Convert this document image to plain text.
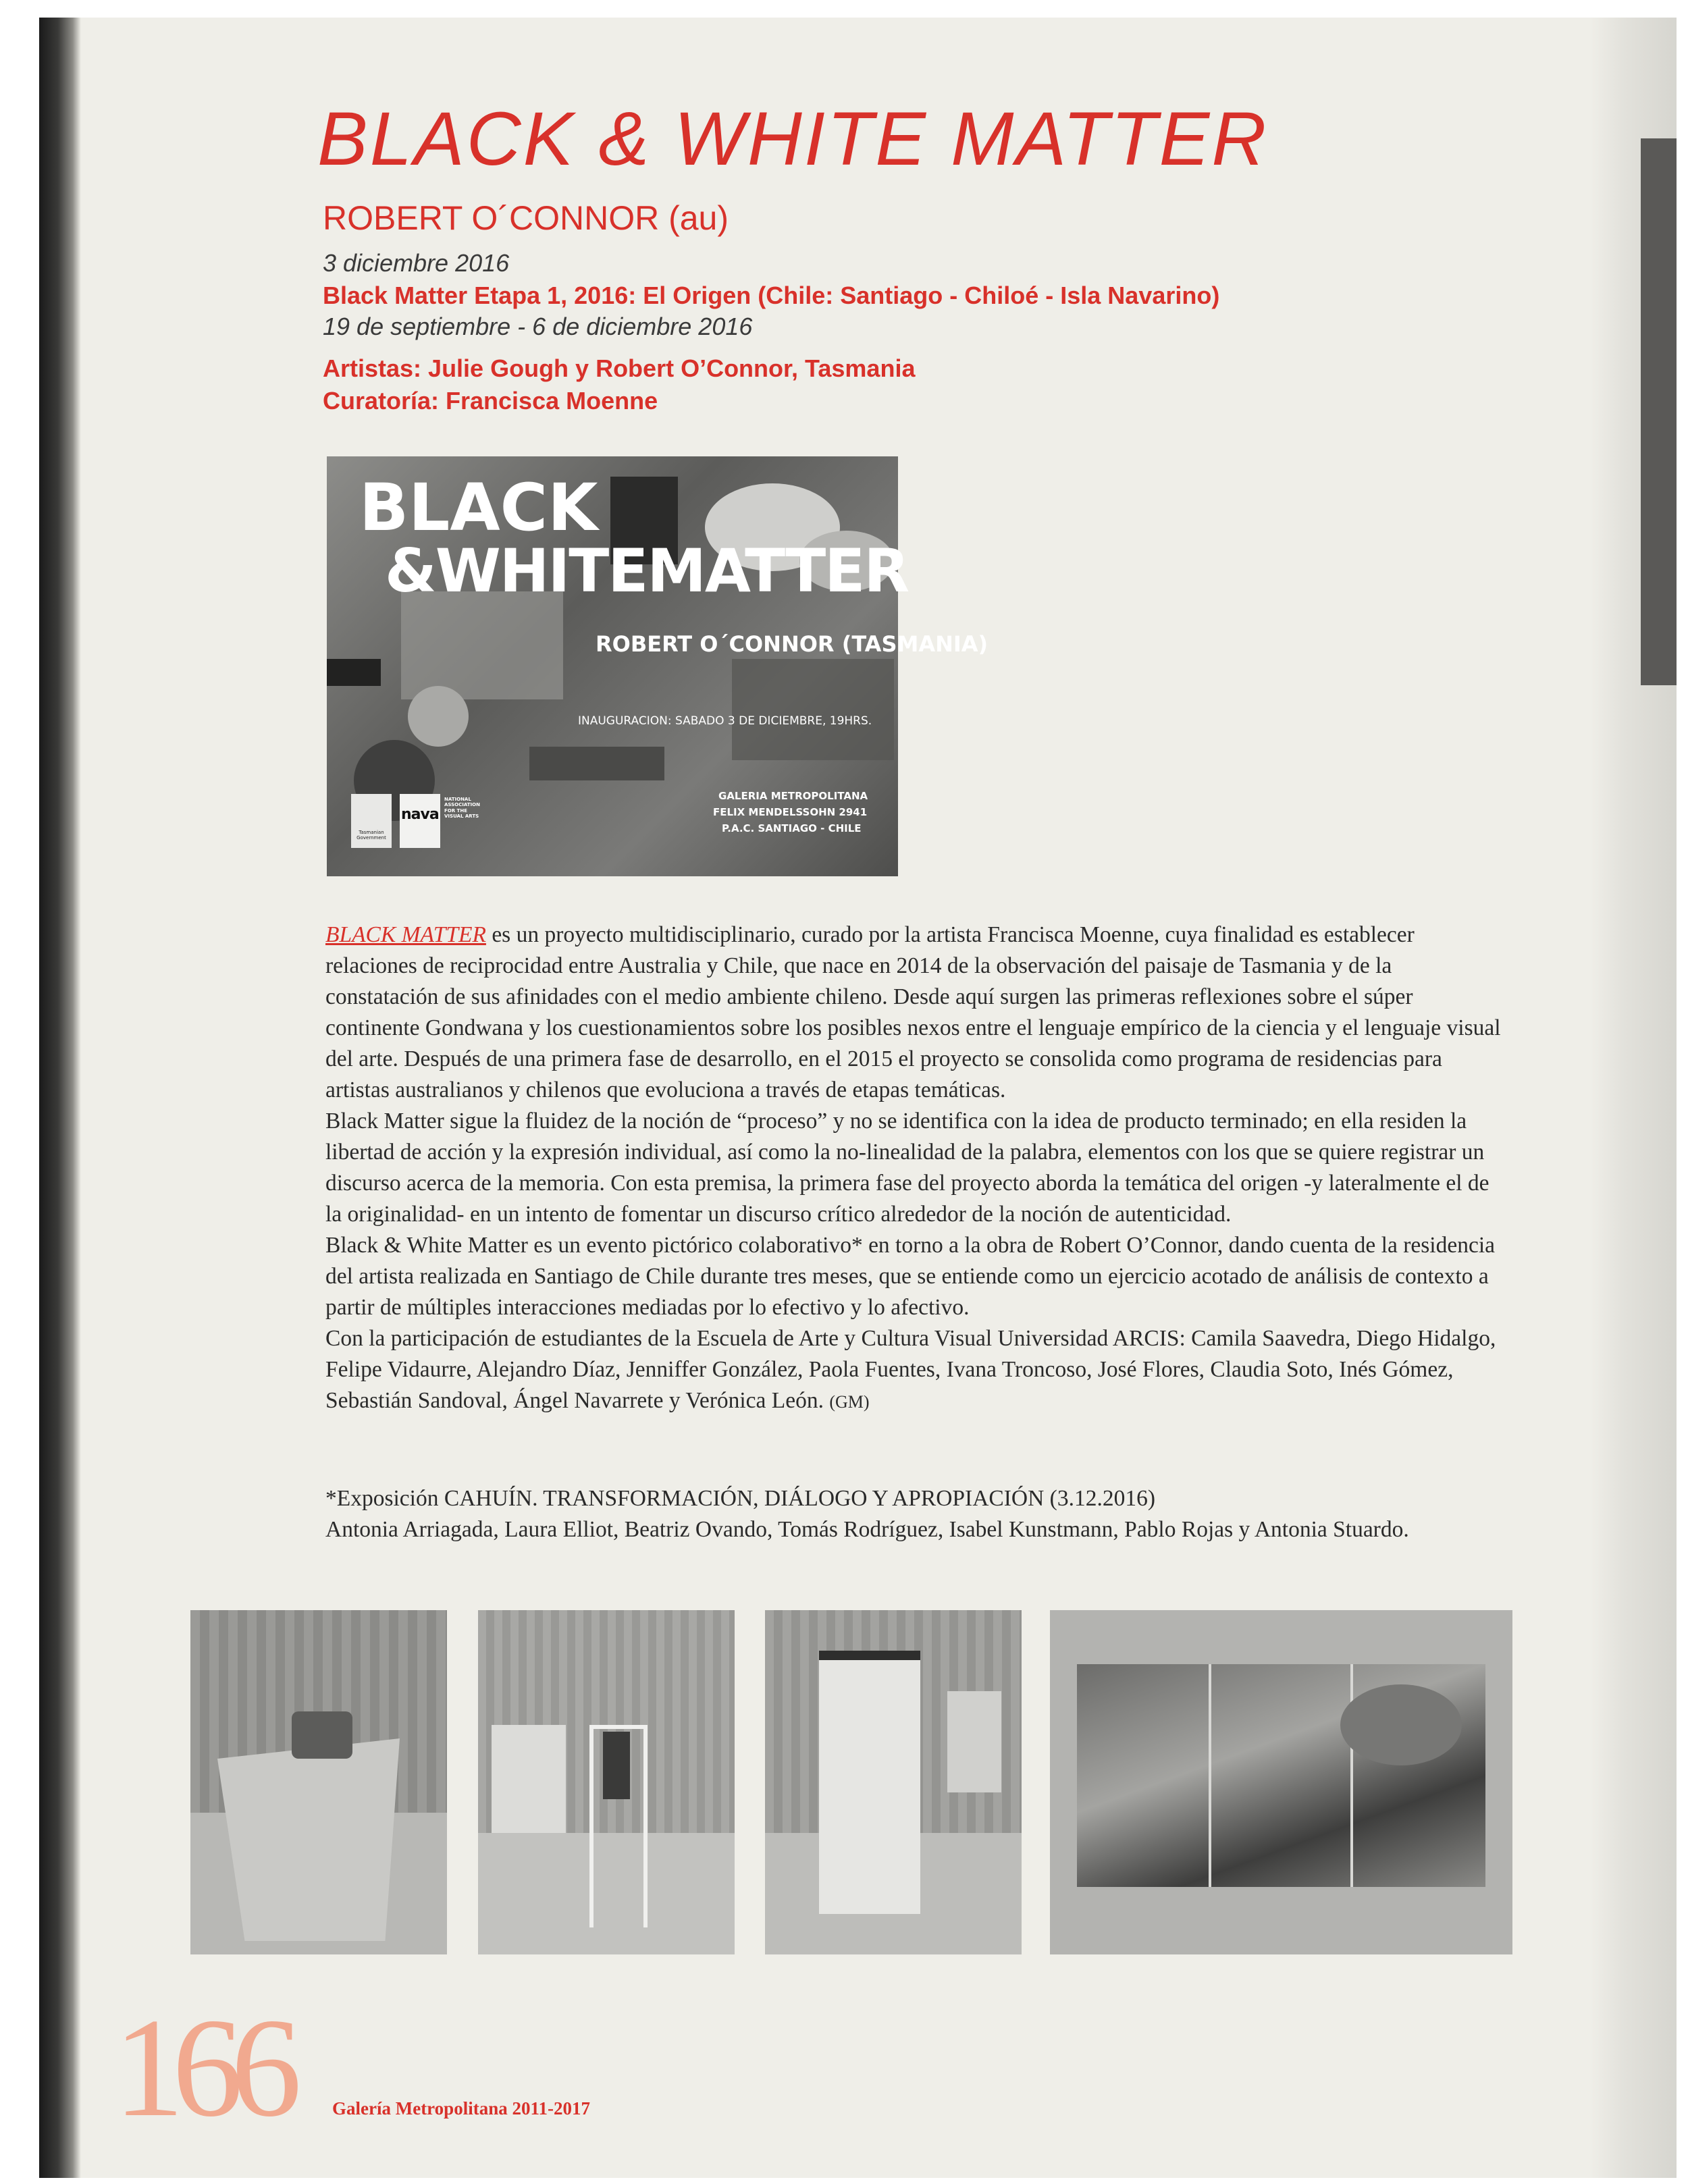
BLACK & WHITE MATTER
ROBERT O´CONNOR (au)
3 diciembre 2016
Black Matter Etapa 1, 2016: El Origen (Chile: Santiago - Chiloé - Isla Navarino)
19 de septiembre - 6 de diciembre 2016
Artistas: Julie Gough y Robert O’Connor, Tasmania
Curatoría: Francisca Moenne
BLACK
&WHITEMATTER
ROBERT O´CONNOR (TASMANIA)
INAUGURACION: SABADO 3 DE DICIEMBRE, 19HRS.
GALERIA METROPOLITANA
FELIX MENDELSSOHN 2941
P.A.C. SANTIAGO - CHILE
Tasmanian Government
nava
NATIONAL ASSOCIATION FOR THE VISUAL ARTS

BLACK MATTER es un proyecto multidisciplinario, curado por la artista Francisca Moenne, cuya finalidad es establecer relaciones de reciprocidad entre Australia y Chile, que nace en 2014 de la observación del paisaje de Tasmania y de la constatación de sus afinidades con el medio ambiente chileno. Desde aquí surgen las primeras reflexiones sobre el súper continente Gondwana y los cuestionamientos sobre los posibles nexos entre el lenguaje empírico de la ciencia y el lenguaje visual del arte. Después de una primera fase de desarrollo, en el 2015 el proyecto se consolida como programa de residencias para artistas australianos y chilenos que evoluciona a través de etapas temáticas.

Black Matter sigue la fluidez de la noción de “proceso” y no se identifica con la idea de producto terminado; en ella residen la libertad de acción y la expresión individual, así como la no-linealidad de la palabra, elementos con los que se quiere registrar un discurso acerca de la memoria. Con esta premisa, la primera fase del proyecto aborda la temática del origen -y lateralmente el de la originalidad- en un intento de fomentar un discurso crítico alrededor de la noción de autenticidad.

Black & White Matter es un evento pictórico colaborativo* en torno a la obra de Robert O’Connor, dando cuenta de la residencia del artista realizada en Santiago de Chile durante tres meses, que se entiende como un ejercicio acotado de análisis de contexto a partir de múltiples interacciones mediadas por lo efectivo y lo afectivo.

Con la participación de estudiantes de la Escuela de Arte y Cultura Visual Universidad ARCIS: Camila Saavedra, Diego Hidalgo, Felipe Vidaurre, Alejandro Díaz, Jenniffer González, Paola Fuentes, Ivana Troncoso, José Flores, Claudia Soto, Inés Gómez, Sebastián Sandoval, Ángel Navarrete y Verónica León. (GM)

*Exposición CAHUÍN. TRANSFORMACIÓN, DIÁLOGO Y APROPIACIÓN (3.12.2016)

Antonia Arriagada, Laura Elliot, Beatriz Ovando, Tomás Rodríguez, Isabel Kunstmann, Pablo Rojas y Antonia Stuardo.

166 Galería Metropolitana 2011-2017
